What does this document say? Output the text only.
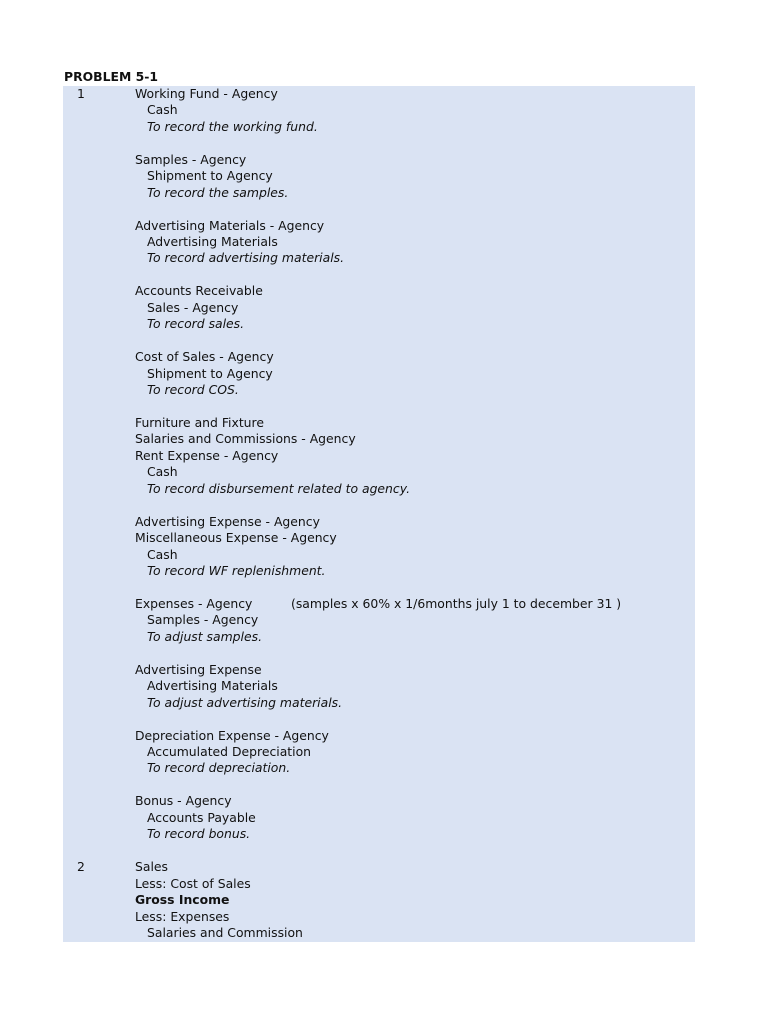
PROBLEM 5-1
1	Working Fund - Agency
Cash
To record the working fund.
Samples - Agency
Shipment to Agency
To record the samples.
Advertising Materials - Agency
Advertising Materials
To record advertising materials.
Accounts Receivable
Sales - Agency
To record sales.
Cost of Sales - Agency
Shipment to Agency
To record COS.
Furniture and Fixture
Salaries and Commissions - Agency
Rent Expense - Agency
Cash
To record disbursement related to agency.
Advertising Expense - Agency
Miscellaneous Expense - Agency
Cash
To record WF replenishment.
Expenses - Agency	(samples x 60% x 1/6months july 1 to december 31 )
Samples - Agency
To adjust samples.
Advertising Expense
Advertising Materials
To adjust advertising materials.
Depreciation Expense - Agency
Accumulated Depreciation
To record depreciation.
Bonus - Agency
Accounts Payable
To record bonus.
2	Sales
Less: Cost of Sales
Gross Income
Less: Expenses
Salaries and Commission
